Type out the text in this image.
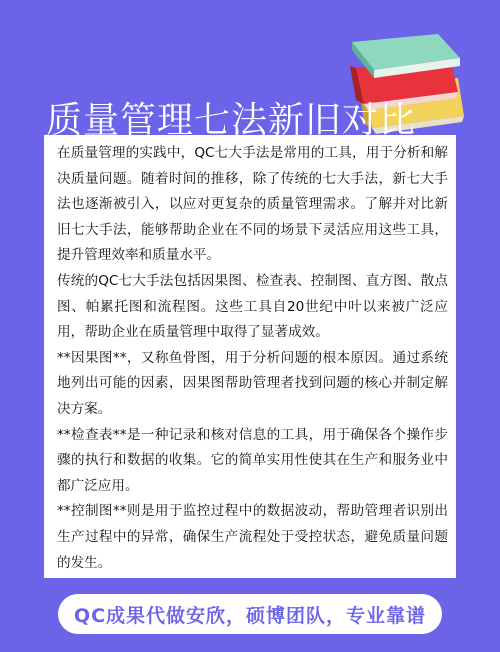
质量管理七法新旧对比

在质量管理的实践中，QC七大手法是常用的工具，用于分析和解决质量问题。随着时间的推移，除了传统的七大手法，新七大手法也逐渐被引入，以应对更复杂的质量管理需求。了解并对比新旧七大手法，能够帮助企业在不同的场景下灵活应用这些工具，提升管理效率和质量水平。

传统的QC七大手法包括因果图、检查表、控制图、直方图、散点图、帕累托图和流程图。这些工具自20世纪中叶以来被广泛应用，帮助企业在质量管理中取得了显著成效。

**因果图**，又称鱼骨图，用于分析问题的根本原因。通过系统地列出可能的因素，因果图帮助管理者找到问题的核心并制定解决方案。

**检查表**是一种记录和核对信息的工具，用于确保各个操作步骤的执行和数据的收集。它的简单实用性使其在生产和服务业中都广泛应用。

**控制图**则是用于监控过程中的数据波动，帮助管理者识别出生产过程中的异常，确保生产流程处于受控状态，避免质量问题的发生。

QC成果代做安欣，硕博团队，专业靠谱
